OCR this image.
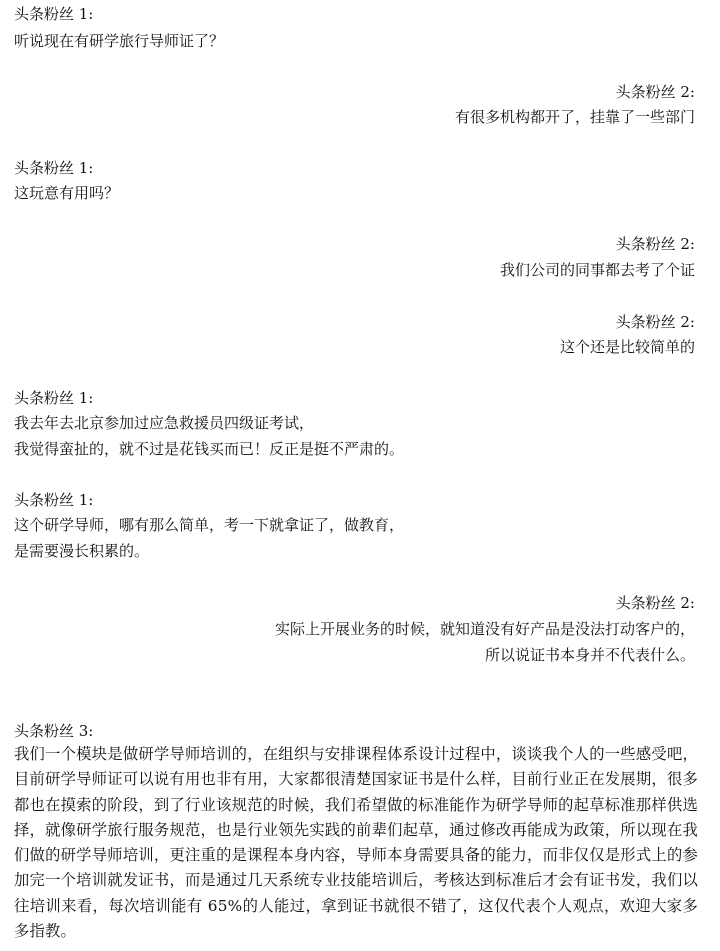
头条粉丝 1:
听说现在有研学旅行导师证了？
头条粉丝 2:
有很多机构都开了，挂靠了一些部门
头条粉丝 1:
这玩意有用吗？
头条粉丝 2:
我们公司的同事都去考了个证
头条粉丝 2:
这个还是比较简单的
头条粉丝 1:
我去年去北京参加过应急救援员四级证考试，
我觉得蛮扯的，就不过是花钱买而已！反正是挺不严肃的。
头条粉丝 1:
这个研学导师，哪有那么简单，考一下就拿证了，做教育，
是需要漫长积累的。
头条粉丝 2:
实际上开展业务的时候，就知道没有好产品是没法打动客户的，
所以说证书本身并不代表什么。
头条粉丝 3:
我们一个模块是做研学导师培训的，在组织与安排课程体系设计过程中，谈谈我个人的一些感受吧，目前研学导师证可以说有用也非有用，大家都很清楚国家证书是什么样，目前行业正在发展期，很多都也在摸索的阶段，到了行业该规范的时候，我们希望做的标准能作为研学导师的起草标准那样供选择，就像研学旅行服务规范，也是行业领先实践的前辈们起草，通过修改再能成为政策，所以现在我们做的研学导师培训，更注重的是课程本身内容，导师本身需要具备的能力，而非仅仅是形式上的参加完一个培训就发证书，而是通过几天系统专业技能培训后，考核达到标准后才会有证书发，我们以往培训来看，每次培训能有 65%的人能过，拿到证书就很不错了，这仅代表个人观点，欢迎大家多多指教。
